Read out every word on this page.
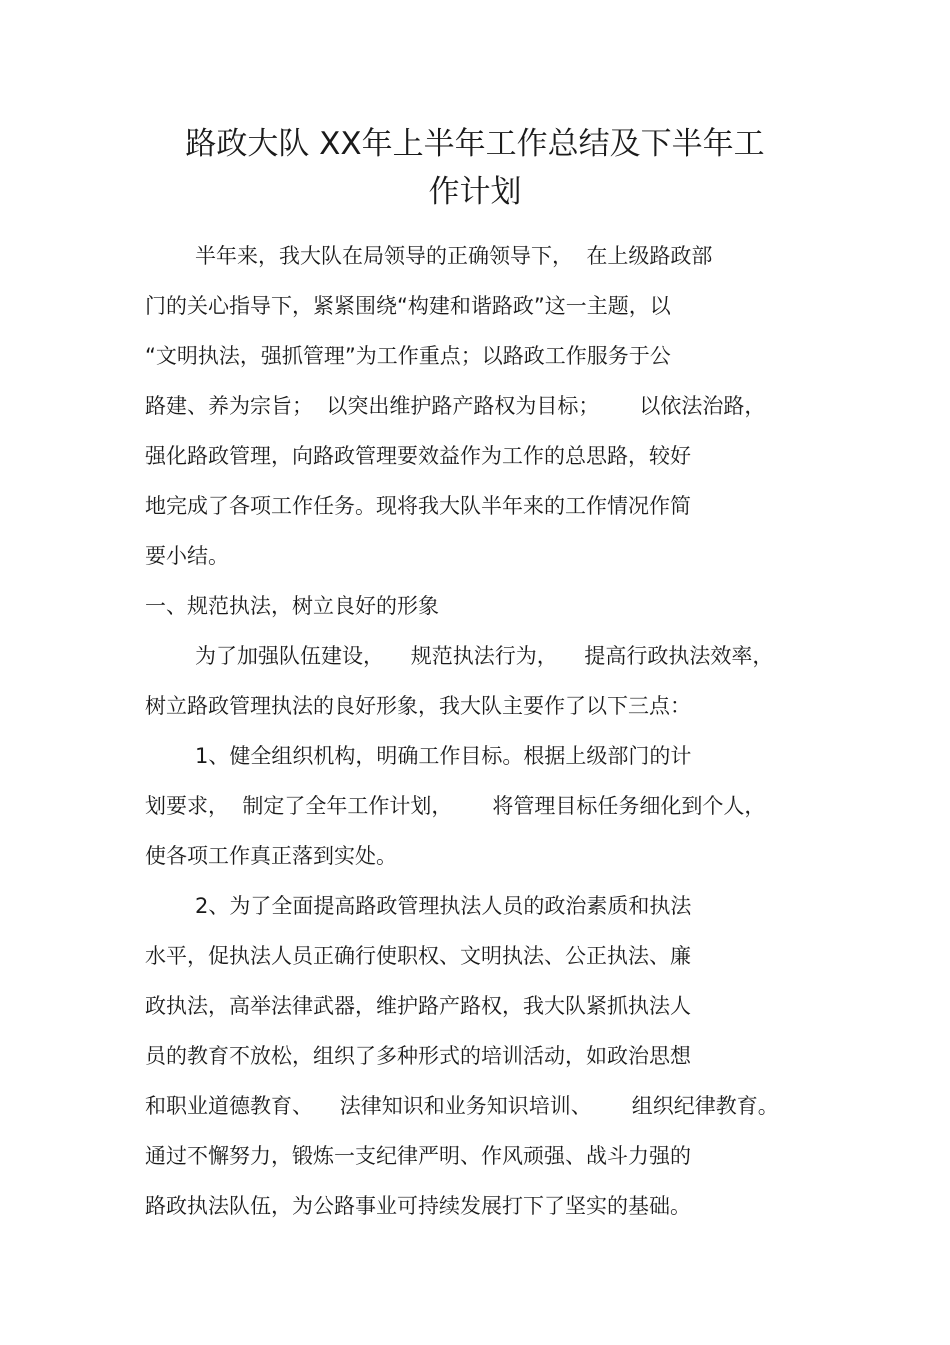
路政大队 XX年上半年工作总结及下半年工
作计划
半年来，我大队在局领导的正确领导下，  在上级路政部
门的关心指导下，紧紧围绕“构建和谐路政”这一主题，以
“文明执法，强抓管理”为工作重点；以路政工作服务于公
路建、养为宗旨；  以突出维护路产路权为目标；      以依法治路，
强化路政管理，向路政管理要效益作为工作的总思路，较好
地完成了各项工作任务。现将我大队半年来的工作情况作简
要小结。
一、规范执法，树立良好的形象
为了加强队伍建设，    规范执法行为，    提高行政执法效率，
树立路政管理执法的良好形象，我大队主要作了以下三点：
1、健全组织机构，明确工作目标。根据上级部门的计
划要求，  制定了全年工作计划，      将管理目标任务细化到个人，
使各项工作真正落到实处。
2、为了全面提高路政管理执法人员的政治素质和执法
水平，促执法人员正确行使职权、文明执法、公正执法、廉
政执法，高举法律武器，维护路产路权，我大队紧抓执法人
员的教育不放松，组织了多种形式的培训活动，如政治思想
和职业道德教育、    法律知识和业务知识培训、      组织纪律教育。
通过不懈努力，锻炼一支纪律严明、作风顽强、战斗力强的
路政执法队伍，为公路事业可持续发展打下了坚实的基础。
